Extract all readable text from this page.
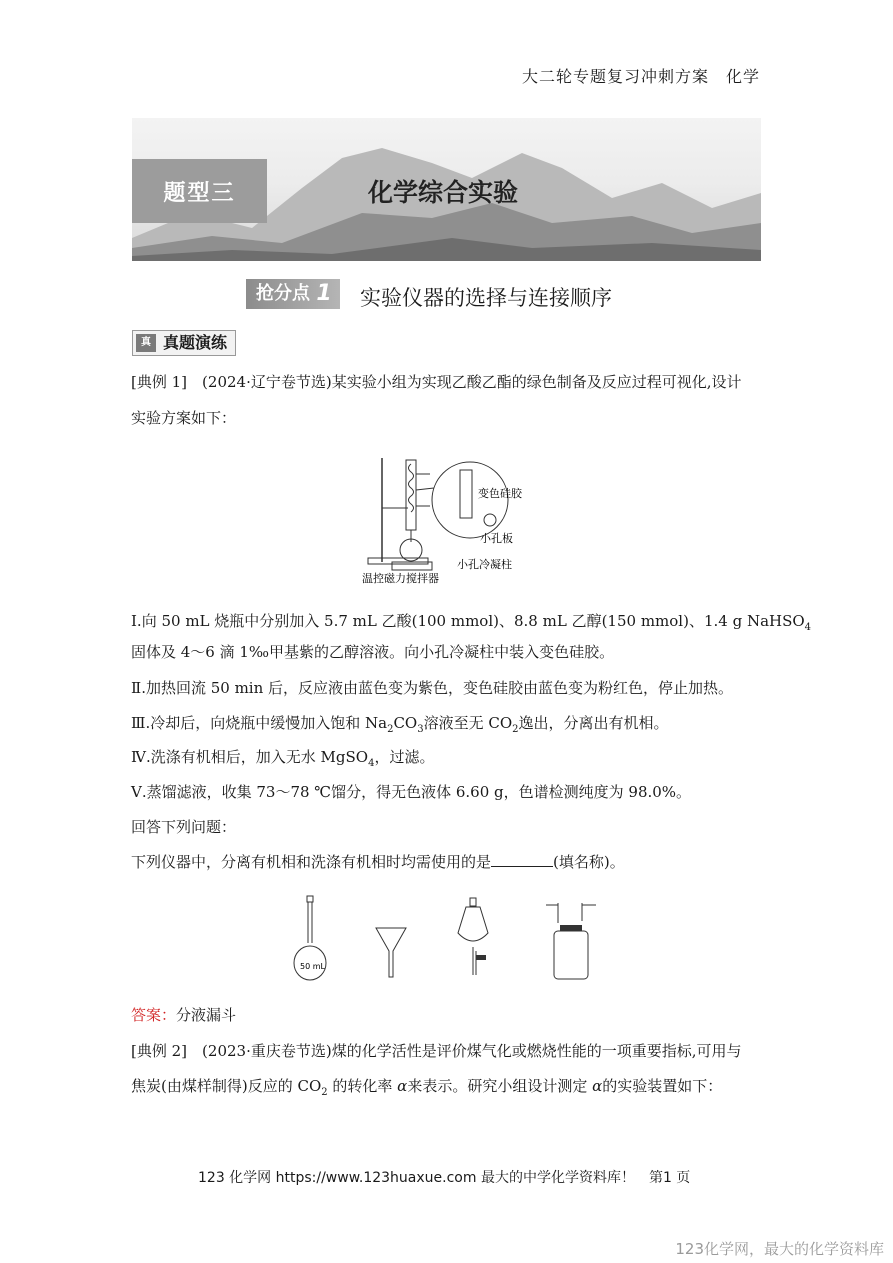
大二轮专题复习冲刺方案　化学
题型三	化学综合实验
抢分点 1 实验仪器的选择与连接顺序
真 真题演练
[典例 1]　 (2024·辽宁卷节选)某实验小组为实现乙酸乙酯的绿色制备及反应过程可视化,设计
实验方案如下：
变色硅胶
小孔板
小孔冷凝柱
温控磁力搅拌器
Ⅰ.向 50 mL 烧瓶中分别加入 5.7 mL 乙酸(100 mmol)、8.8 mL 乙醇(150 mmol)、1.4 g NaHSO$_4$
固体及 4～6 滴 1‰甲基紫的乙醇溶液。向小孔冷凝柱中装入变色硅胶。
Ⅱ.加热回流 50 min 后，反应液由蓝色变为紫色，变色硅胶由蓝色变为粉红色，停止加热。
Ⅲ.冷却后，向烧瓶中缓慢加入饱和 $Na_2CO_3$溶液至无 $CO_2$逸出，分离出有机相。
Ⅳ.洗涤有机相后，加入无水 MgSO$_4$，过滤。
Ⅴ.蒸馏滤液，收集 73～78 ℃馏分，得无色液体 6.60 g，色谱检测纯度为 98.0%。
回答下列问题：
下列仪器中，分离有机相和洗涤有机相时均需使用的是	(填名称)。
50 mL
答案：分液漏斗
[典例 2]　 (2023·重庆卷节选)煤的化学活性是评价煤气化或燃烧性能的一项重要指标,可用与
焦炭(由煤样制得)反应的 $CO_2$ 的转化率 α来表示。研究小组设计测定 α的实验装置如下：
123 化学网 https://www.123huaxue.com 最大的中学化学资料库！　第1 页
123化学网，最大的化学资料库
